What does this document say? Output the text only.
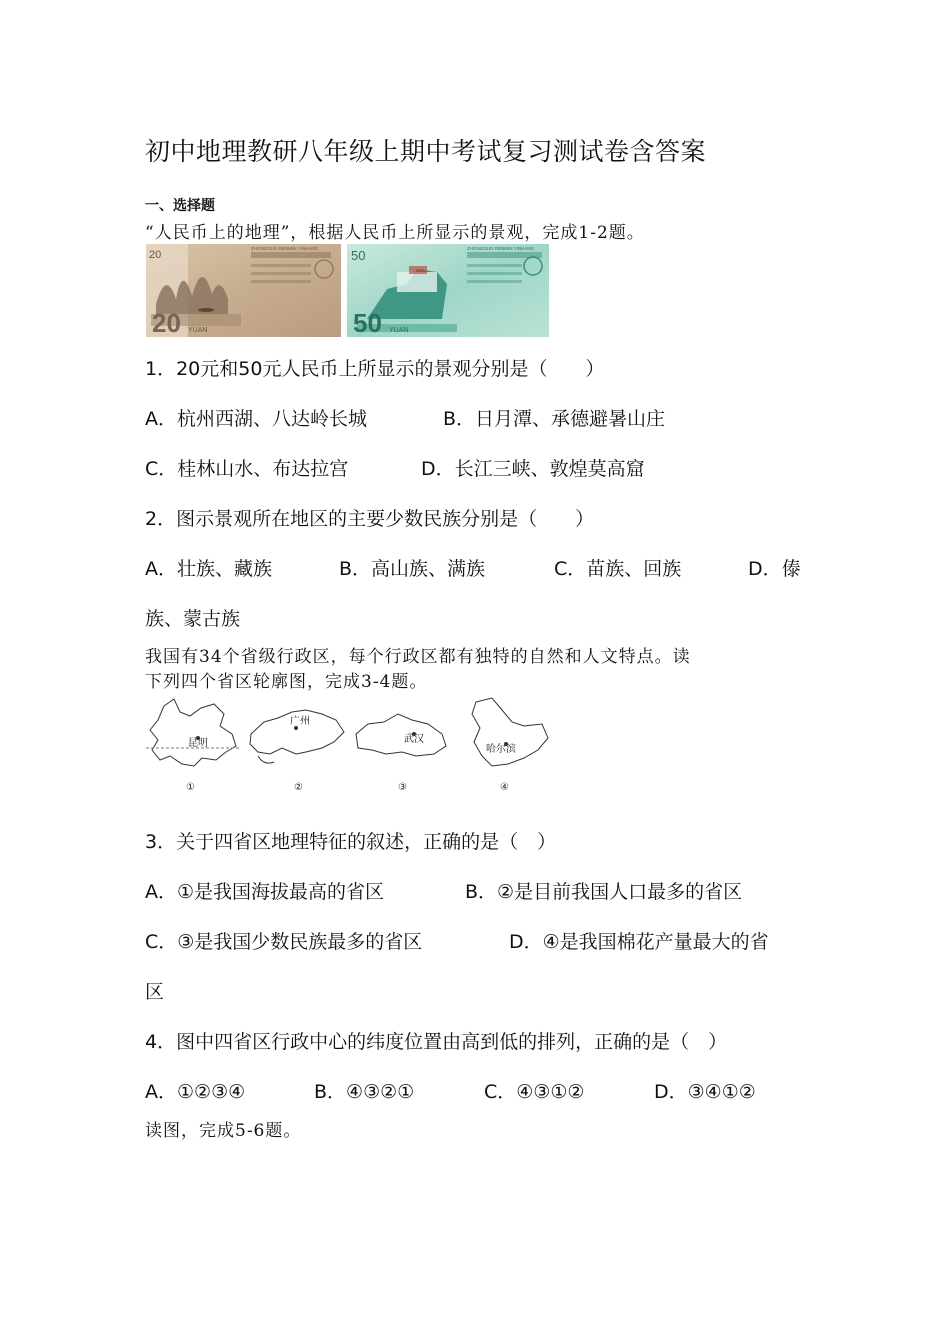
初中地理教研八年级上期中考试复习测试卷含答案
一、选择题
“人民币上的地理”，根据人民币上所显示的景观，完成1-2题。
20
20 YUAN
ZHONGGUO RENMIN YINHANG	50
50 YUAN
ZHONGGUO RENMIN YINHANG
1．20元和50元人民币上所显示的景观分别是（　　）
A．杭州西湖、八达岭长城	B．日月潭、承德避暑山庄
C．桂林山水、布达拉宫	D．长江三峡、敦煌莫高窟
2．图示景观所在地区的主要少数民族分别是（　　）
A．壮族、藏族	B．高山族、满族	C．苗族、回族	D．傣
族、蒙古族
我国有34个省级行政区，每个行政区都有独特的自然和人文特点。读
下列四个省区轮廓图，完成3-4题。
昆明
广州
武汉
哈尔滨
①	②	③	④
3．关于四省区地理特征的叙述，正确的是（　）
A．①是我国海拔最高的省区	B．②是目前我国人口最多的省区
C．③是我国少数民族最多的省区	D．④是我国棉花产量最大的省
区
4．图中四省区行政中心的纬度位置由高到低的排列，正确的是（　）
A．①②③④	B．④③②①	C．④③①②	D．③④①②
读图，完成5-6题。
